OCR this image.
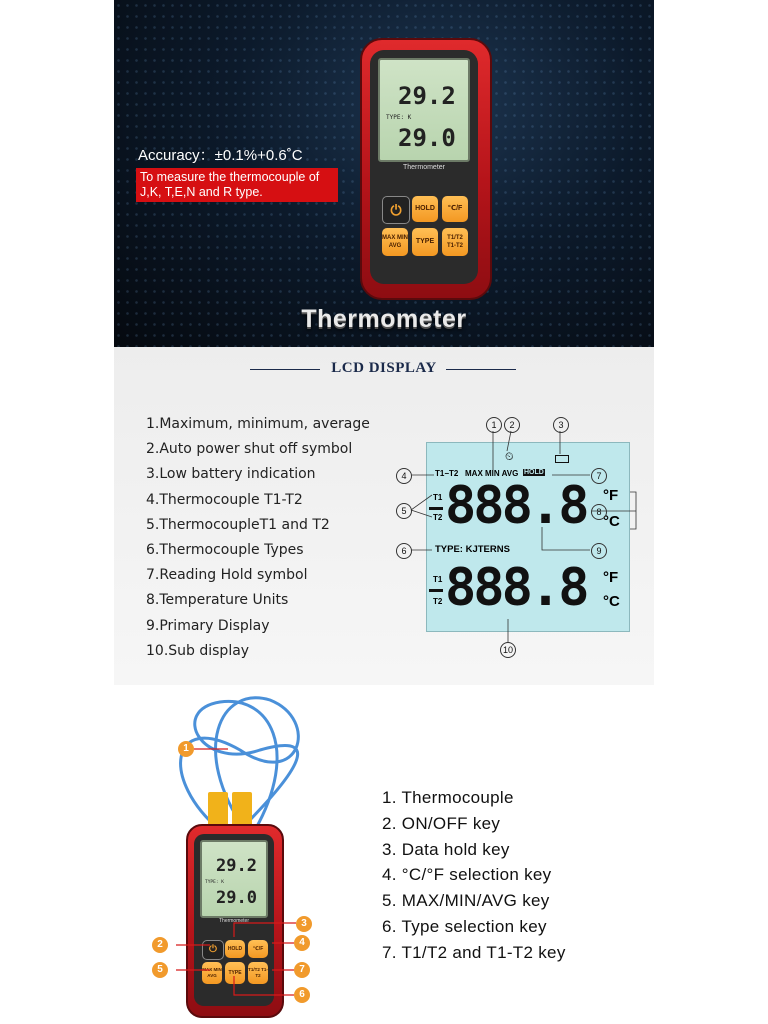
Accuracy：±0.1%+0.6˚C
To measure the thermocouple of J,K, T,E,N and R type.
29.2
TYPE: K
29.0
Thermometer
⏻	HOLD	℃/F
MAX MIN AVG
TYPE	T1/T2 T1-T2
Thermometer
LCD DISPLAY
1.Maximum, minimum, average
2.Auto power shut off symbol
3.Low battery indication
4.Thermocouple T1-T2
5.ThermocoupleT1 and T2
6.Thermocouple Types
7.Reading Hold symbol
8.Temperature Units
9.Primary Display
10.Sub display
⏲
T1−T2 MAX MIN AVG HOLD
T1
T2 888.8 °F
°C
TYPE: KJTERNS
T1
T2 888.8 °F
°C
1	2	3
4
5
6
7
8
9
10
29.2
TYPE: K
29.0
Thermometer
⏻	HOLD	℃/F
MAX MIN AVG	TYPE
T1/T2 T1-T2
1
2
3
4
5
6
7
1. Thermocouple
2. ON/OFF key
3. Data hold key
4. °C/°F selection key
5. MAX/MIN/AVG key
6. Type selection key
7. T1/T2 and T1-T2 key
